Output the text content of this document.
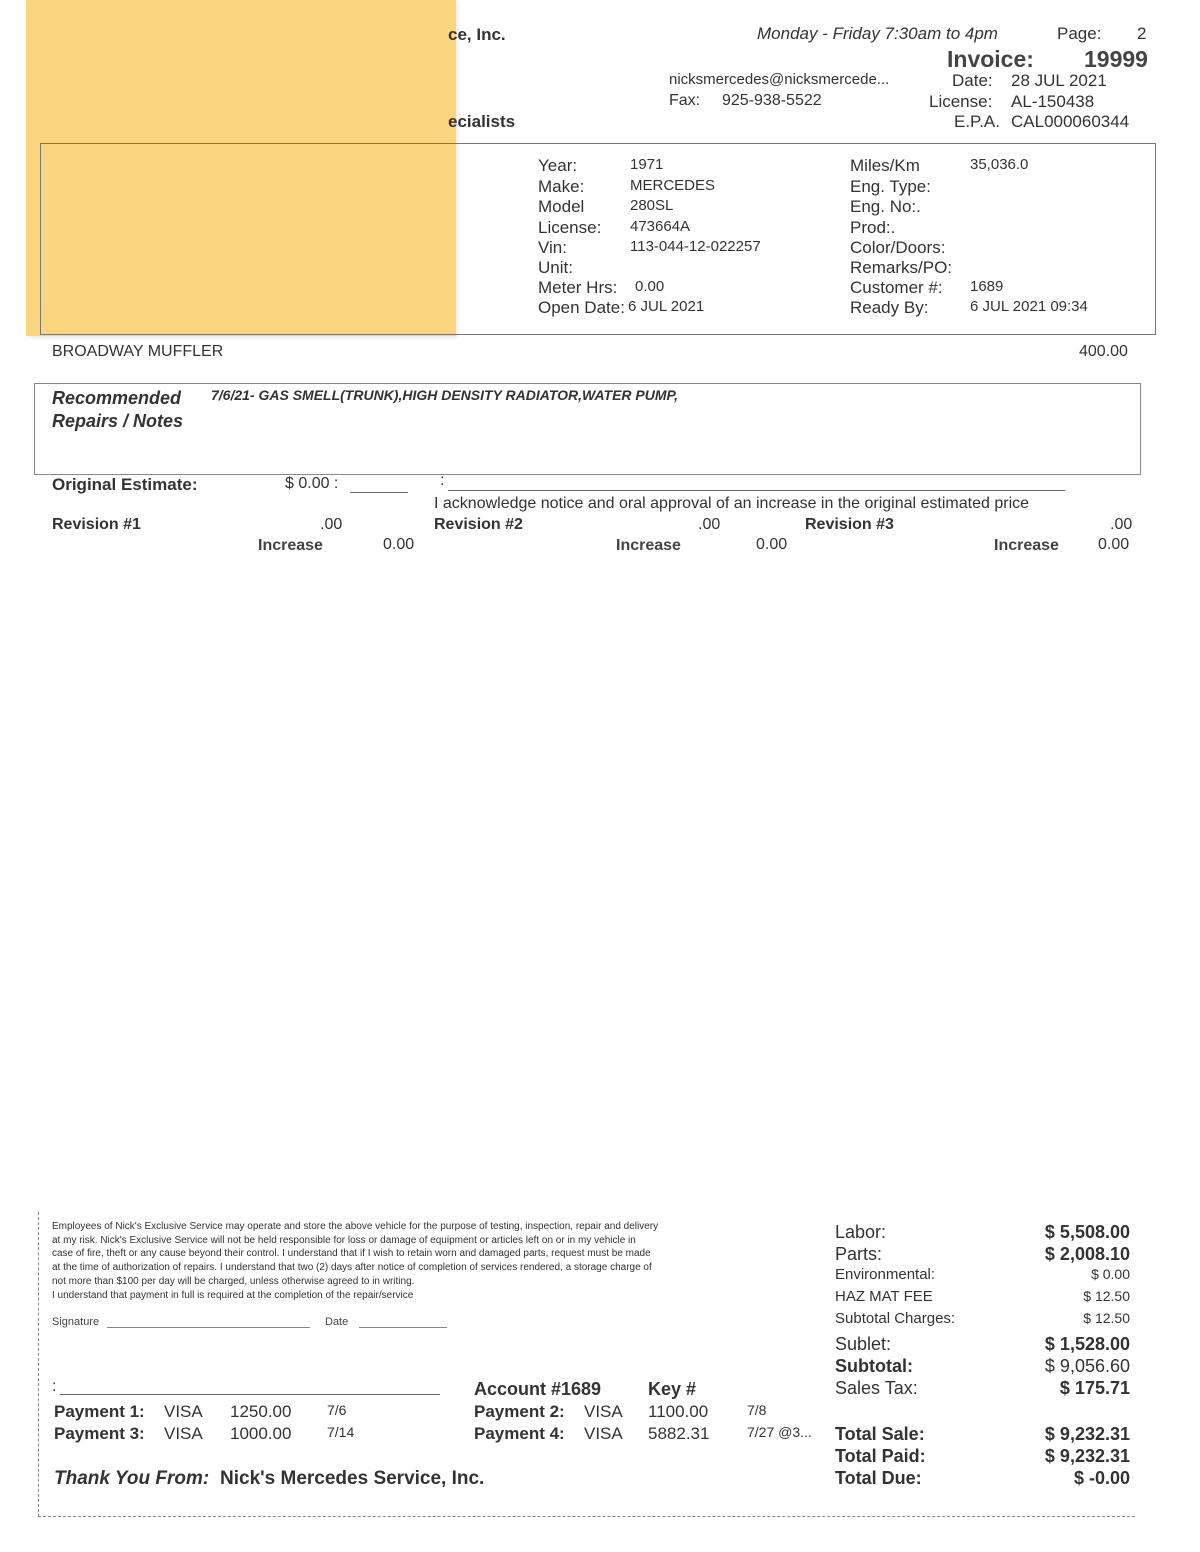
ce, Inc.
ecialists
Monday - Friday 7:30am to 4pm	Page: 2
Invoice: 19999
nicksmercedes@nicksmercede...
Fax: 925-938-5522
Date: 28 JUL 2021
License: AL-150438
E.P.A. CAL000060344
Year:	1971
Make:	MERCEDES
Model	280SL
License: 473664A
Vin:	113-044-12-022257
Unit:
Meter Hrs: 0.00
Open Date: 6 JUL 2021
Miles/Km	35,036.0
Eng. Type:
Eng. No:.
Prod:.
Color/Doors:
Remarks/PO:
Customer #: 1689
Ready By:	6 JUL 2021 09:34
BROADWAY MUFFLER	400.00
Recommended
Repairs / Notes
7/6/21- GAS SMELL(TRUNK),HIGH DENSITY RADIATOR,WATER PUMP,
Original Estimate:	$ 0.00 :	:
I acknowledge notice and oral approval of an increase in the original estimated price
Revision #1	.00
Increase	0.00
Revision #2	.00
Increase	0.00
Revision #3	.00
Increase 0.00
Employees of Nick's Exclusive Service may operate and store the above vehicle for the purpose of testing, inspection, repair and delivery
at my risk. Nick's Exclusive Service will not be held responsible for loss or damage of equipment or articles left on or in my vehicle in
case of fire, theft or any cause beyond their control. I understand that if I wish to retain worn and damaged parts, request must be made
at the time of authorization of repairs. I understand that two (2) days after notice of completion of services rendered, a storage charge of
not more than $100 per day will be charged, unless otherwise agreed to in writing.
I understand that payment in full is required at the completion of the repair/service
Signature	Date
:	Account #1689	Key #
Payment 1: VISA 1250.00	7/6	Payment 2: VISA 1100.00	7/8
Payment 3: VISA 1000.00	7/14	Payment 4: VISA 5882.31	7/27 @3...
Thank You From: Nick's Mercedes Service, Inc.
Labor:	$ 5,508.00
Parts:	$ 2,008.10
Environmental:	$ 0.00
HAZ MAT FEE	$ 12.50
Subtotal Charges:	$ 12.50
Sublet:	$ 1,528.00
Subtotal:	$ 9,056.60
Sales Tax:	$ 175.71
Total Sale:	$ 9,232.31
Total Paid:	$ 9,232.31
Total Due:	$ -0.00
